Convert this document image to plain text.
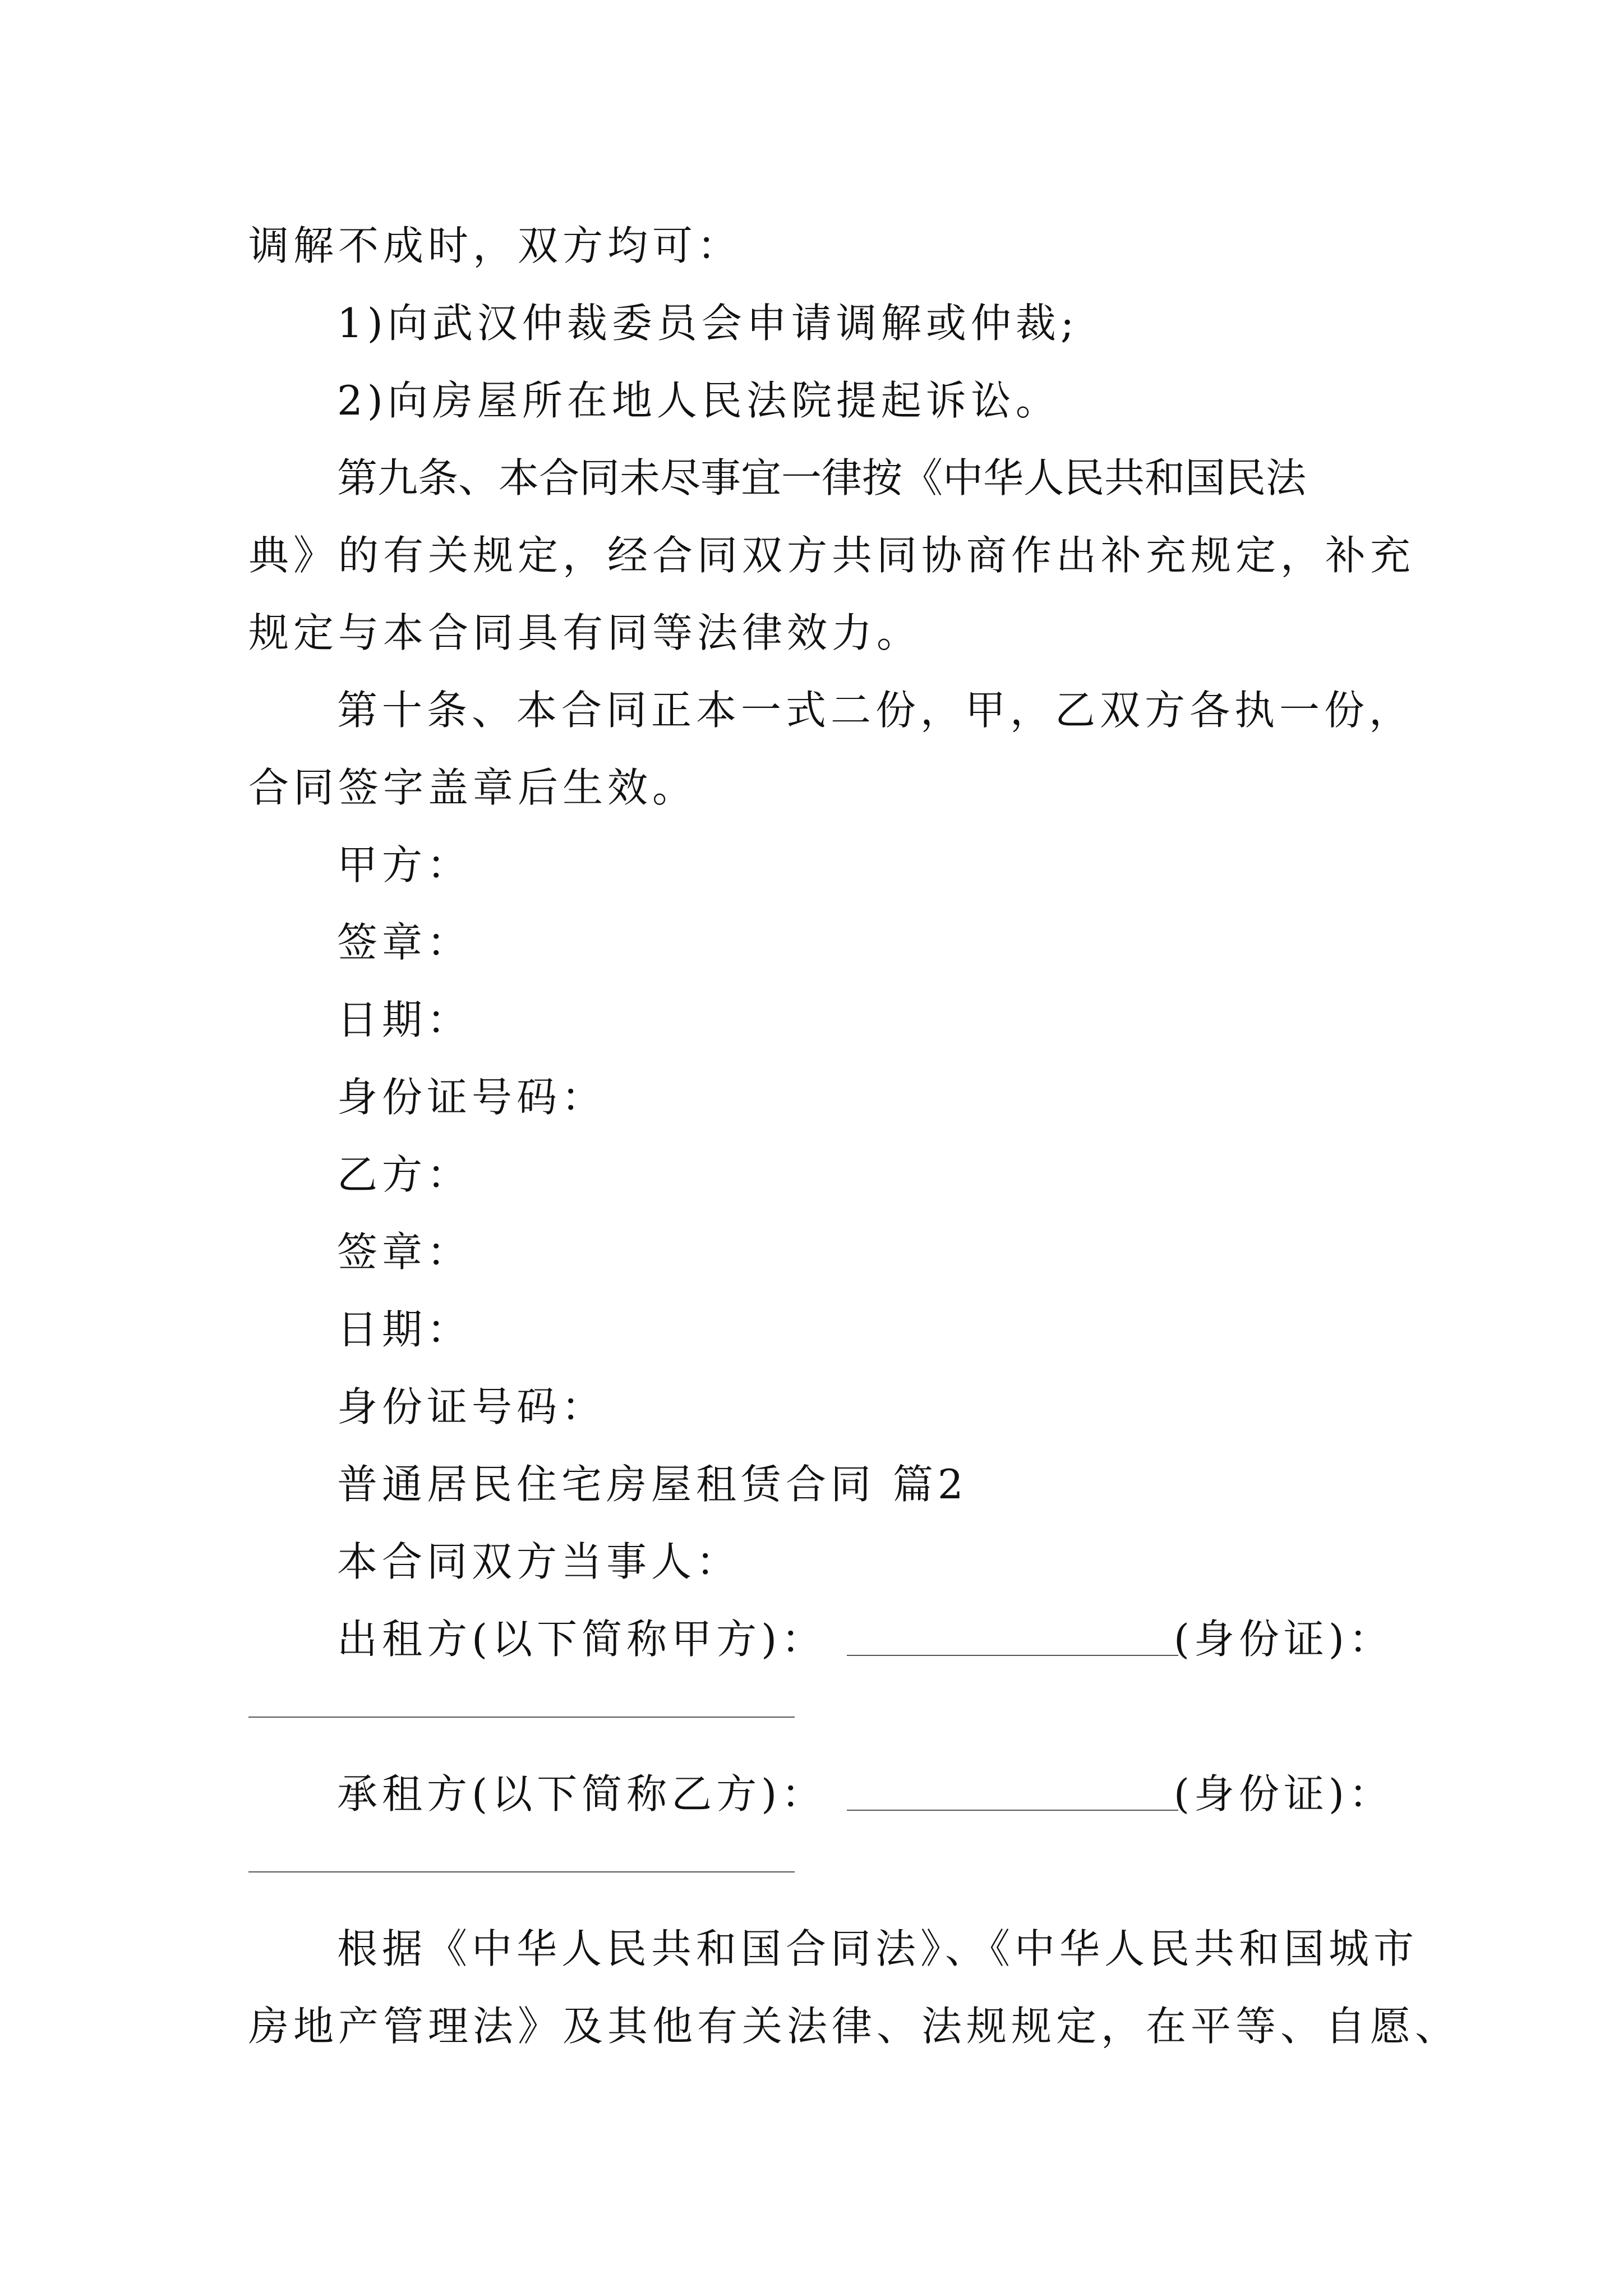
调解不成时，双方均可：
1)向武汉仲裁委员会申请调解或仲裁;
2)向房屋所在地人民法院提起诉讼。
第九条、本合同未尽事宜一律按《中华人民共和国民法
典》的有关规定，经合同双方共同协商作出补充规定，补充
规定与本合同具有同等法律效力。
第十条、本合同正本一式二份，甲，乙双方各执一份，
合同签字盖章后生效。
甲方：
签章：
日期：
身份证号码：
乙方：
签章：
日期：
身份证号码：
普通居民住宅房屋租赁合同 篇2
本合同双方当事人：
出租方(以下简称甲方)：	(身份证)：
承租方(以下简称乙方)：	(身份证)：
根据《中华人民共和国合同法》、《中华人民共和国城市
房地产管理法》及其他有关法律、法规规定，在平等、自愿、
